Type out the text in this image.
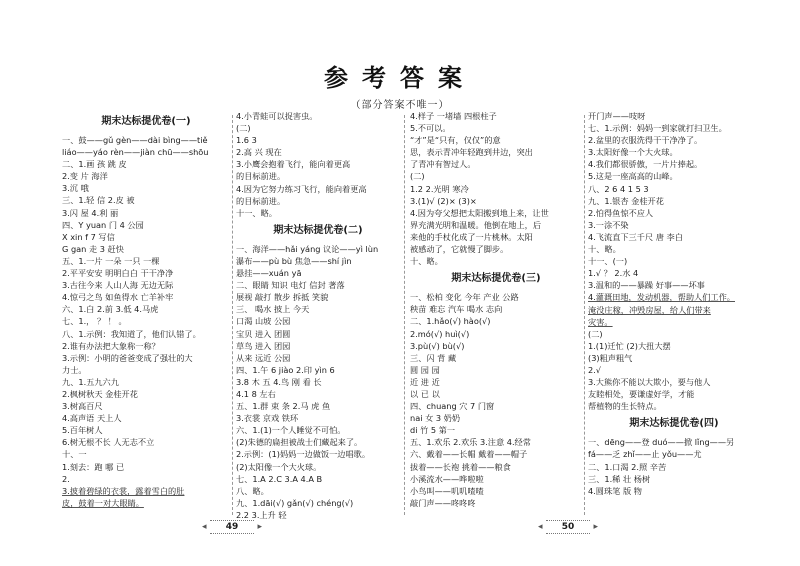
参考答案
（部分答案不唯一）
期末达标提优卷(一)
一、鼓——gǔ gèn——dài bìng——tiě
liáo——yáo rèn——jiàn chū——shōu
二、1.画 孩 跳 皮
2.变 片 海洋
3.沉 哦
三、1.轻 信 2.皮 被
3.闪 屋 4.利 丽
四、Y yuan 门 4 公园
X xin f 7 写信
G gan 走 3 赶快
五、1.一片 一朵 一只 一棵
2.平平安安 明明白白 干干净净
3.古往今来 人山人海 无边无际
4.惊弓之鸟 如鱼得水 亡羊补牢
六、1.白 2.前 3.低 4.马虎
七、1.， ？ ！ 。
八、1.示例：我知道了，他们认错了。
2.谁有办法把大象称一称？
3.示例：小明的爸爸变成了强壮的大
力士。
九、1.五九六九
2.枫树秋天 金桂开花
3.树高百尺
4.高声语 天上人
5.百年树人
6.树无根不长 人无志不立
十、一
1.刻去：跑 哪 已
2.
3.披着碧绿的衣裳，露着雪白的肚
皮，鼓着一对大眼睛。
4.小青蛙可以捉害虫。
(二)
1.6 3
2.高 兴 现在
3.小鹰会抱着飞行，能向着更高
的目标前进。
4.因为它努力练习飞行，能向着更高
的目标前进。
十一、略。
期末达标提优卷(二)
一、海洋——hǎi yáng 议论——yì lùn
瀑布——pù bù 焦急——shí jìn
悬挂——xuán yā
二、眼睛 知识 电灯 信封 著落
展视 敲打 散步 拆抵 笑貌
三、 喝水 披上 今天
口渴 山坡 公园
宝贝 进入 团圆
草鸟 进入 团园
从来 远近 公园
四、1.午 6 jiào 2.印 yìn 6
3.8 木 五 4.鸟 刚 看 长
4.1 8 左右
五、1.群 束 条 2.马 虎 鱼
3.衣裳 京戏 铁环
六、1.(1)一个人睡觉不可怕。
(2)朱德的扁担被战士们藏起来了。
2.示例：(1)妈妈一边做饭一边唱歌。
(2)太阳像一个大火球。
七、1.A 2.C 3.A 4.A B
八、略。
九、1.dāi(√) gǎn(√) chéng(√)
2.2 3.上升 轻
4.样子 一堵墙 四根柱子
5.不可以。
“才”是“只有，仅仅”的意
思，表示青冲年轻跑到井边，突出
了青冲有智过人。
(二)
1.2 2.光明 寒冷
3.(1)√ (2)× (3)×
4.因为夸父想把太阳搬到地上来，让世
界充满光明和温暖。他倒在地上，后
来他的手杖化成了一片桃林。太阳
被感动了，它就慢了脚步。
十、略。
期末达标提优卷(三)
一、松柏 变化 今年 产业 公路
秧苗 难忘 汽车 喝水 志向
二、1.hǎo(√) hào(√)
2.mó(√) huì(√)
3.pù(√) bù(√)
三、闪 背 藏
圆 园 园
近 进 近
以 已 以
四、chuang 穴 7 门窗
nai 女 3 奶奶
di 竹 5 第一
五、1.欢乐 2.欢乐 3.注意 4.经常
六、戴着——长帽 戴着——帽子
拔着——长袍 挑着——粮食
小溪流水——哗啦啦
小鸟叫——叽叽喳喳
敲门声——咚咚咚
开门声——吱呀
七、1.示例：妈妈一到家就打扫卫生。
2.盆里的衣服洗得干干净净了。
3.太阳好像一个大火球。
4.我们都很骄傲，一片片捧起。
5.这是一座高高的山峰。
八、2 6 4 1 5 3
九、1.银杏 金桂开花
2.怕得鱼惊不应人
3.一涂不染
4.飞流直下三千尺 唐 李白
十、略。
十一、(一)
1.√ ？ 2.水 4
3.温和的——暴躁 好事——坏事
4.灌溉田地，发动机器，帮助人们工作。
淹没庄稼，冲毁房屋，给人们带来
灾害。
(二)
1.(1)迁忙 (2)大扭大摆
(3)粗声粗气
2.√
3.大熊你不能以大欺小，要与他人
友睦相处，要谦虚好学，才能
帮植物的生长特点。
期末达标提优卷(四)
一、dēng——登 duó——掀 lǐng——另
fá——乏 zhǐ——止 yǒu——尤
二、1.口渴 2.照 辛苦
三、1.稀 壮 杨树
4.圆珠笔 版 物
◂ 49 ▸	◂ 50 ▸
